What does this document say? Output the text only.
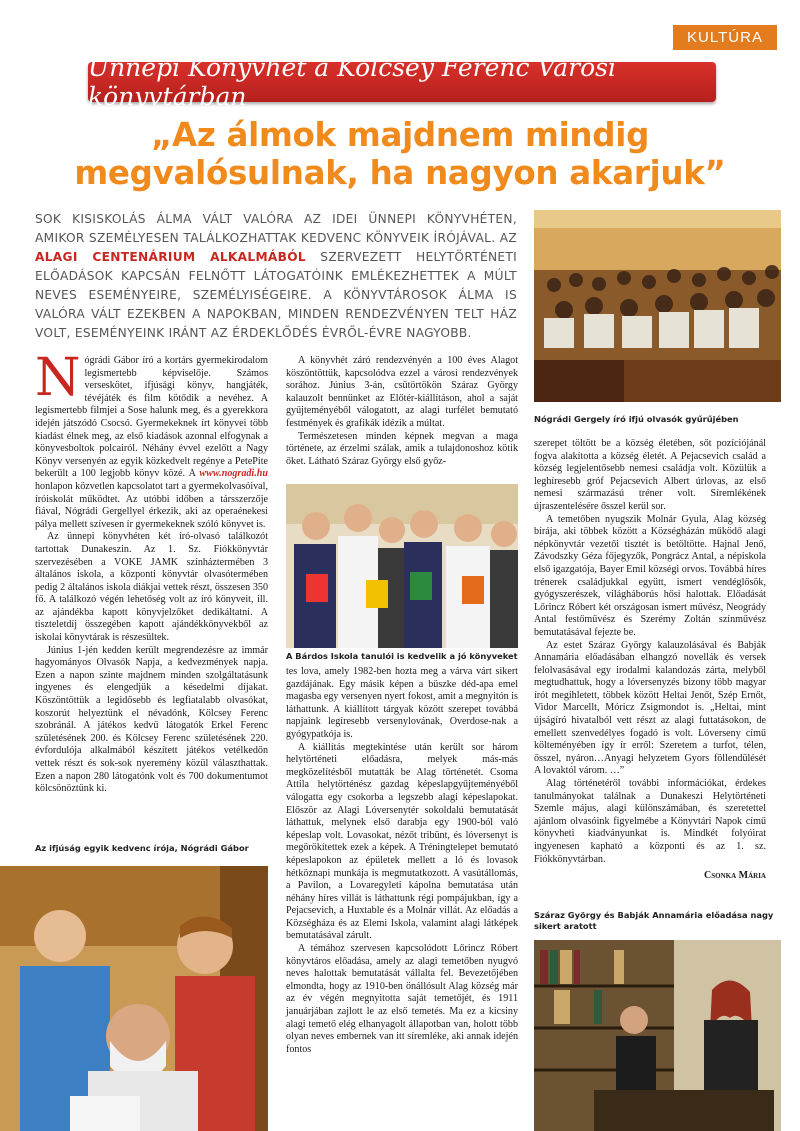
KULTÚRA
Ünnepi Könyvhét a Kölcsey Ferenc Városi könyvtárban
„Az álmok majdnem mindig
megvalósulnak, ha nagyon akarjuk”
SOK KISISKOLÁS ÁLMA VÁLT VALÓRA AZ IDEI ÜNNEPI KÖNYVHÉTEN, AMIKOR SZEMÉLYESEN TALÁLKOZHATTAK KEDVENC KÖNYVEIK ÍRÓJÁVAL. AZ ALAGI CENTENÁRIUM ALKALMÁBÓL SZERVEZETT HELYTÖRTÉNETI ELŐADÁSOK KAPCSÁN FELNŐTT LÁTOGATÓINK EMLÉKEZHETTEK A MÚLT NEVES ESEMÉNYEIRE, SZEMÉLYISÉGEIRE. A KÖNYVTÁROSOK ÁLMA IS VALÓRA VÁLT EZEKBEN A NAPOKBAN, MINDEN RENDEZVÉNYEN TELT HÁZ VOLT, ESEMÉNYEINK IRÁNT AZ ÉRDEKLŐDÉS ÉVRŐL-ÉVRE NAGYOBB.
Nógrádi Gergely író ifjú olvasók gyűrűjében
A Bárdos Iskola tanulói is kedvelik a jó könyveket
Az ifjúság egyik kedvenc írója, Nógrádi Gábor
Száraz György és Babják Annamária előadása nagy sikert aratott

Nógrádi Gábor író a kortárs gyermekirodalom legismertebb képviselője. Számos verseskötet, ifjúsági könyv, hangjáték, tévéjáték és film kötődik a nevéhez. A legismertebb filmjei a Sose halunk meg, és a gyerekkora idején játszódó Csocsó. Gyermekeknek írt könyvei több kiadást élnek meg, az első kiadások azonnal elfogynak a könyvesboltok polcairól. Néhány évvel ezelőtt a Nagy Könyv versenyén az egyik közkedvelt regénye a PetePite bekerült a 100 legjobb könyv közé. A www.nogradi.hu honlapon közvetlen kapcsolatot tart a gyermekolvasóival, íróiskolát működtet. Az utóbbi időben a társszerzője fiával, Nógrádi Gergellyel érkezik, aki az operaénekesi pálya mellett szívesen ír gyermekeknek szóló könyvet is.

Az ünnepi könyvhéten két író-olvasó találkozót tartottak Dunakeszin. Az 1. Sz. Fiókkönyvtár szervezésében a VOKE JAMK színháztermében 3 általános iskola, a központi könyvtár olvasótermében pedig 2 általános iskola diákjai vettek részt, összesen 350 fő. A találkozó végén lehetőség volt az író könyveit, ill. az ajándékba kapott könyvjelzőket dedikáltatni. A tiszteletdíj összegében kapott ajándékkönyvekből az iskolai könyvtárak is részesültek.

Június 1-jén kedden került megrendezésre az immár hagyományos Olvasók Napja, a kedvezmények napja. Ezen a napon szinte majdnem minden szolgáltatásunk ingyenes és elengedjük a késedelmi díjakat. Köszöntöttük a legidősebb és legfiatalabb olvasókat, koszorút helyeztünk el névadónk, Kölcsey Ferenc szobránál. A játékos kedvű látogatók Erkel Ferenc születésének 200. és Kölcsey Ferenc születésének 220. évfordulója alkalmából készített játékos vetélkedőn vettek részt és sok-sok nyeremény közül választhattak. Ezen a napon 280 látogatónk volt és 700 dokumentumot kölcsönöztünk ki.

A könyvhét záró rendezvényén a 100 éves Alagot köszöntöttük, kapcsolódva ezzel a városi rendezvények sorához. Június 3-án, csütörtökön Száraz György kalauzolt bennünket az Előtér-kiállításon, ahol a saját gyűjteményéből válogatott, az alagi turfélet bemutató festmények és grafikák idézik a múltat.

Természetesen minden képnek megvan a maga története, az érzelmi szálak, amik a tulajdonoshoz kötik őket. Látható Száraz György első győz-

tes lova, amely 1982-ben hozta meg a várva várt sikert gazdájának. Egy másik képen a büszke déd-apa emel magasba egy versenyen nyert fokost, amit a megnyitón is láthattunk. A kiállított tárgyak között szerepet továbbá napjaink legíresebb versenylovának, Overdose-nak a gyógypatkója is.

A kiállítás megtekintése után került sor három helytörténeti előadásra, melyek más-más megközelítésből mutatták be Alag történetét. Csoma Attila helytörténész gazdag képeslapgyűjteményéből válogatta egy csokorba a legszebb alagi képeslapokat. Először az Alagi Lóversenytér sokoldalú bemutatását láthattuk, melynek első darabja egy 1900-ból való képeslap volt. Lovasokat, nézőt tribünt, és lóversenyt is megörökítettek ezek a képek. A Tréningtelepet bemutató képeslapokon az épületek mellett a ló és lovasok hétköznapi munkája is megmutatkozott. A vasútállomás, a Pavilon, a Lovaregyleti kápolna bemutatása után néhány híres villát is láthattunk régi pompájukban, így a Pejacsevich, a Huxtable és a Molnár villát. Az előadás a Községháza és az Elemi Iskola, valamint alagi látképek bemutatásával zárult.

A témához szervesen kapcsolódott Lőrincz Róbert könyvtáros előadása, amely az alagi temetőben nyugvó neves halottak bemutatását vállalta fel. Bevezetőjében elmondta, hogy az 1910-ben önállósult Alag község már az év végén megnyitotta saját temetőjét, és 1911 januárjában zajlott le az első temetés. Ma ez a kicsiny alagi temető elég elhanyagolt állapotban van, holott több olyan neves embernek van itt síremléke, aki annak idején fontos

szerepet töltött be a község életében, sőt pozíciójánál fogva alakította a község életét. A Pejacsevich család a község legjelentősebb nemesi családja volt. Közülük a leghíresebb gróf Pejacsevich Albert úrlovas, az első nemesi származású tréner volt. Síremlékének újraszentelésére ősszel kerül sor.

A temetőben nyugszik Molnár Gyula, Alag község bírája, aki többek között a Községházán működő alagi népkönyvtár vezetői tisztét is betöltötte. Hajnal Jenő, Závodszky Géza főjegyzők, Pongrácz Antal, a népiskola első igazgatója, Bayer Emil községi orvos. Továbbá híres trénerek családjukkal együtt, ismert vendéglősök, gyógyszerészek, világháborús hősi halottak. Előadását Lőrincz Róbert két országosan ismert művész, Neogrády Antal festőművész és Szerémy Zoltán színművész bemutatásával fejezte be.

Az estet Száraz György kalauzolásával és Babják Annamária előadásában elhangzó novellák és versek felolvasásával egy irodalmi kalandozás zárta, melyből megtudhattuk, hogy a lóversenyzés bizony több magyar írót megihletett, többek között Heltai Jenőt, Szép Ernőt, Vidor Marcellt, Móricz Zsigmondot is. „Heltai, mint újságíró hivatalból vett részt az alagi futtatásokon, de emellett szenvedélyes fogadó is volt. Lóverseny című költeményében így ír erről: Szeretem a turfot, télen, ősszel, nyáron…Anyagi helyzetem Gyors föllendülését A lovaktól várom. …”

Alag történetéről további információkat, érdekes tanulmányokat találnak a Dunakeszi Helytörténeti Szemle május, alagi különszámában, és szeretettel ajánlom olvasóink figyelmébe a Könyvtári Napok című könyvheti kiadványunkat is. Mindkét folyóirat ingyenesen kapható a központi és az 1. sz. Fiókkönyvtárban.

Csonka Mária
